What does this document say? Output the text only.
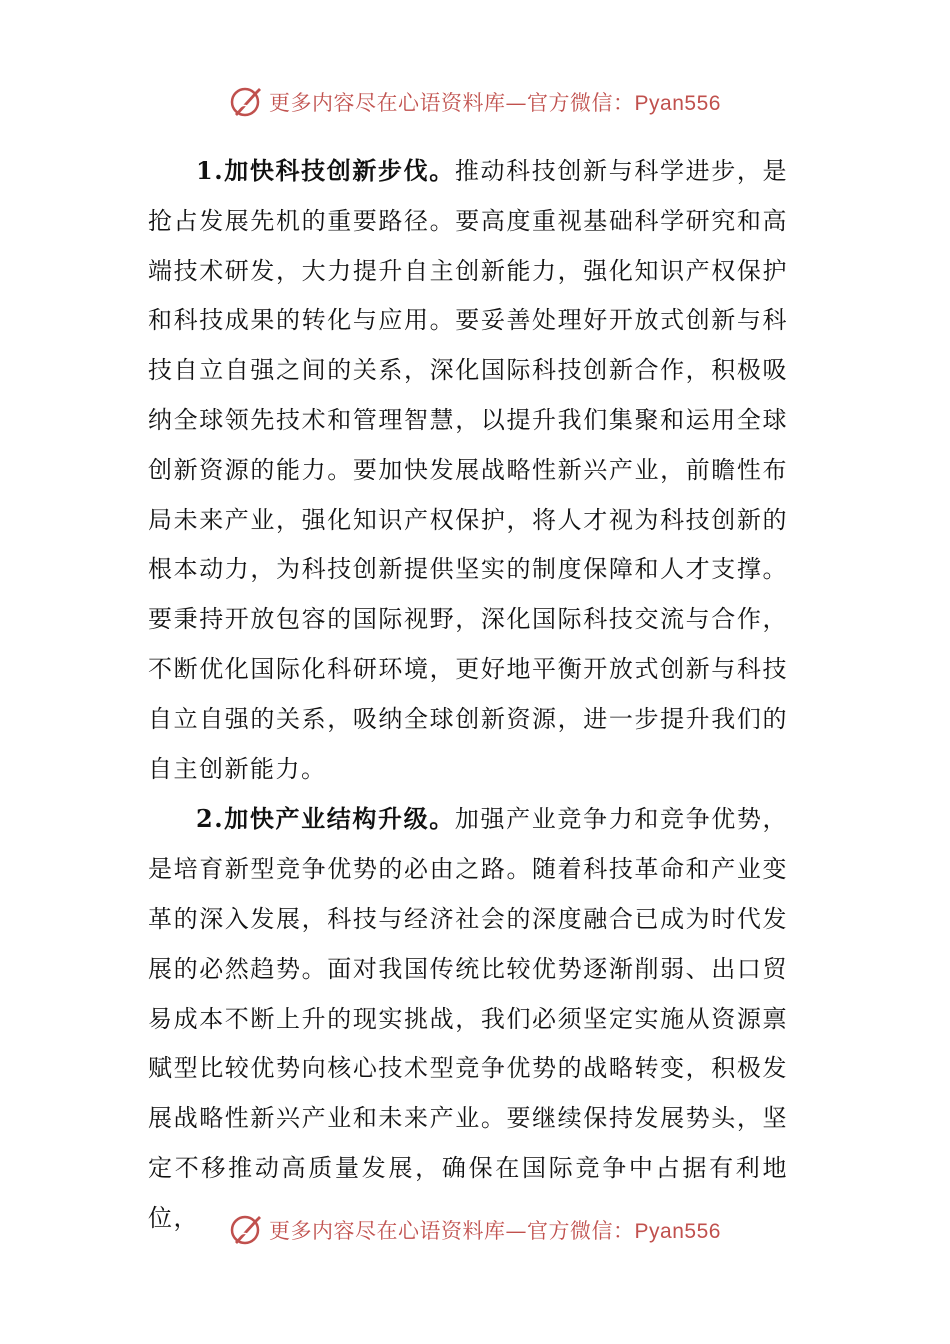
更多内容尽在心语资料库—官方微信：Pyan556

1.加快科技创新步伐。推动科技创新与科学进步，是抢占发展先机的重要路径。要高度重视基础科学研究和高端技术研发，大力提升自主创新能力，强化知识产权保护和科技成果的转化与应用。要妥善处理好开放式创新与科技自立自强之间的关系，深化国际科技创新合作，积极吸纳全球领先技术和管理智慧，以提升我们集聚和运用全球创新资源的能力。要加快发展战略性新兴产业，前瞻性布局未来产业，强化知识产权保护，将人才视为科技创新的根本动力，为科技创新提供坚实的制度保障和人才支撑。要秉持开放包容的国际视野，深化国际科技交流与合作，不断优化国际化科研环境，更好地平衡开放式创新与科技自立自强的关系，吸纳全球创新资源，进一步提升我们的自主创新能力。

2.加快产业结构升级。加强产业竞争力和竞争优势，是培育新型竞争优势的必由之路。随着科技革命和产业变革的深入发展，科技与经济社会的深度融合已成为时代发展的必然趋势。面对我国传统比较优势逐渐削弱、出口贸易成本不断上升的现实挑战，我们必须坚定实施从资源禀赋型比较优势向核心技术型竞争优势的战略转变，积极发展战略性新兴产业和未来产业。要继续保持发展势头，坚定不移推动高质量发展，确保在国际竞争中占据有利地位，	更多内容尽在心语资料库—官方微信：Pyan556
